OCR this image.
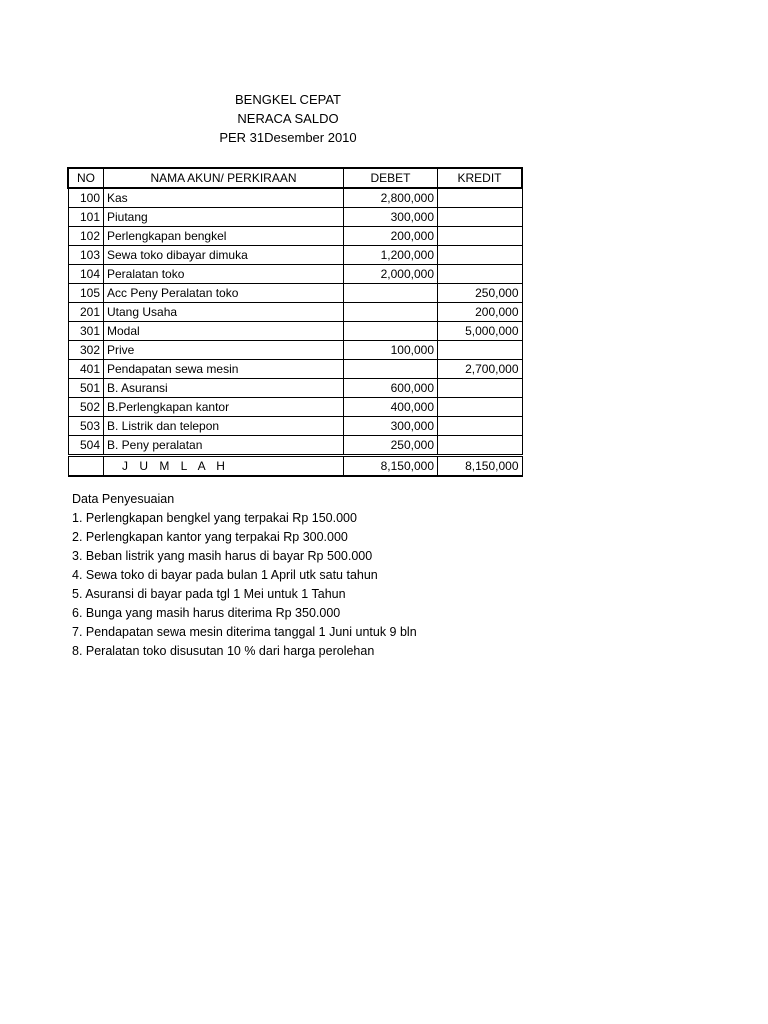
BENGKEL CEPAT
NERACA SALDO
PER 31Desember 2010
NO	NAMA AKUN/ PERKIRAAN	DEBET	KREDIT
100	Kas	2,800,000	
101	Piutang	300,000	
102	Perlengkapan bengkel	200,000	
103	Sewa toko dibayar dimuka	1,200,000	
104	Peralatan toko	2,000,000	
105	Acc Peny Peralatan toko		250,000
201	Utang Usaha		200,000
301	Modal		5,000,000
302	Prive	100,000	
401	Pendapatan sewa mesin		2,700,000
501	B. Asuransi	600,000	
502	B.Perlengkapan kantor	400,000	
503	B. Listrik dan telepon	300,000	
504	B. Peny peralatan	250,000	
	J U M L A H	8,150,000	8,150,000
Data Penyesuaian
1. Perlengkapan bengkel yang terpakai Rp 150.000
2. Perlengkapan kantor yang terpakai Rp 300.000
3. Beban listrik yang masih harus di bayar Rp 500.000
4. Sewa toko di bayar pada bulan 1 April utk satu tahun
5. Asuransi di bayar pada tgl 1 Mei untuk 1 Tahun
6. Bunga yang masih harus diterima Rp 350.000
7. Pendapatan sewa mesin diterima tanggal 1 Juni untuk 9 bln
8. Peralatan toko disusutan 10 % dari harga perolehan
